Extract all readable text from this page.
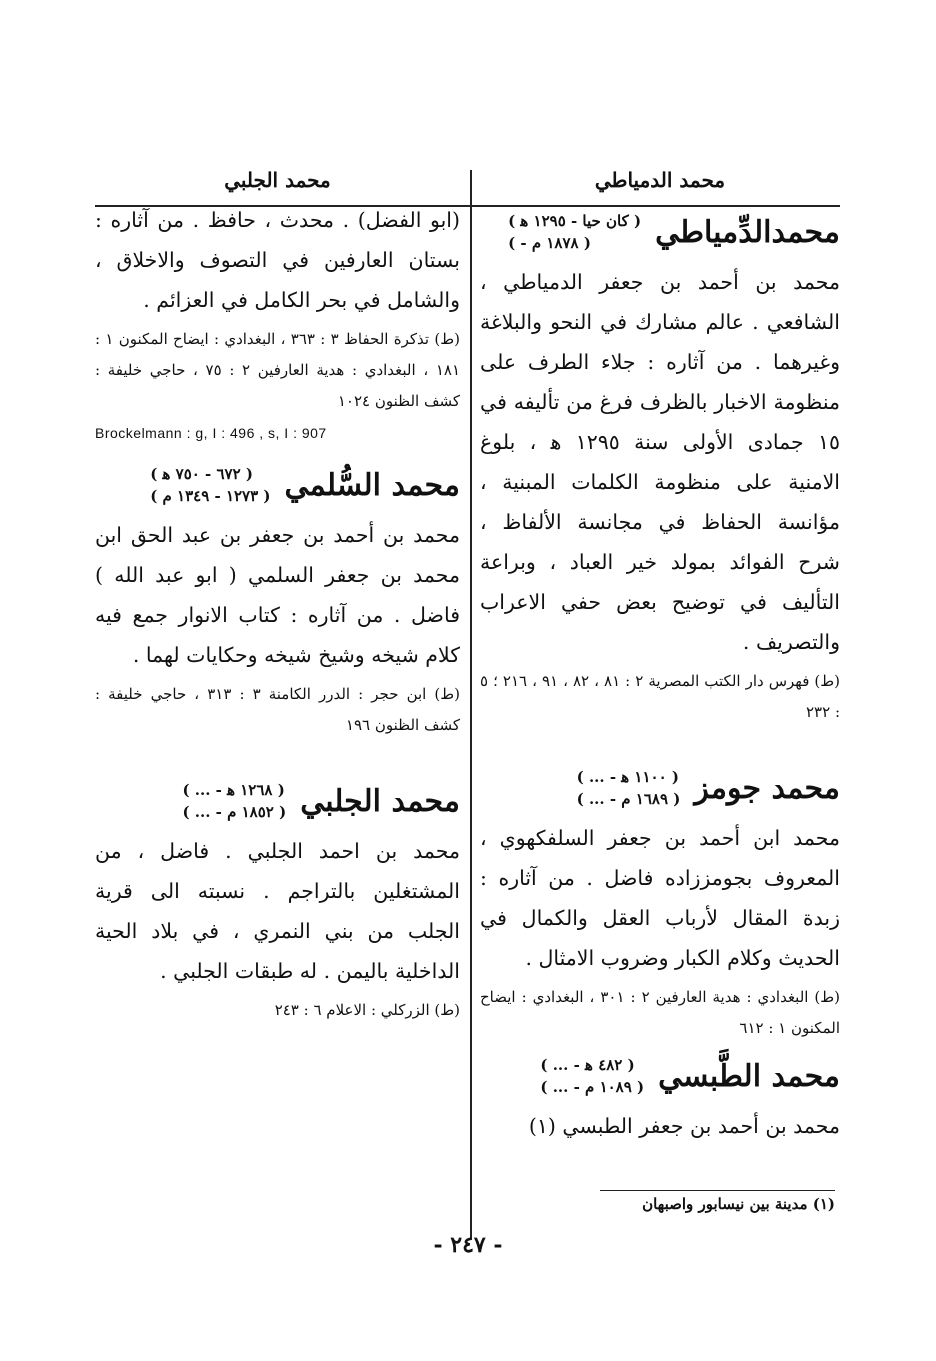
محمد الدمياطي
محمدالدِّمياطي
( كان حيا - ١٢٩٥ ﻫ )
( - ١٨٧٨ م )
محمد بن أحمد بن جعفر الدمياطي ، الشافعي . عالم مشارك في النحو والبلاغة وغيرهما . من آثاره : جلاء الطرف على منظومة الاخبار بالظرف فرغ من تأليفه في ١٥ جمادى الأولى سنة ١٢٩٥ ﻫ ، بلوغ الامنية على منظومة الكلمات المبنية ، مؤانسة الحفاظ في مجانسة الألفاظ ، شرح الفوائد بمولد خير العباد ، وبراعة التأليف في توضيح بعض حفي الاعراب والتصريف .
(ط) فهرس دار الكتب المصرية ٢ : ٨١ ، ٨٢ ، ٩١ ، ٢١٦ ؛ ٥ : ٢٣٢
محمد جومز
( ... - ١١٠٠ ﻫ )
( ... - ١٦٨٩ م )
محمد ابن أحمد بن جعفر السلفكهوي ، المعروف بجومززاده فاضل . من آثاره : زبدة المقال لأرباب العقل والكمال في الحديث وكلام الكبار وضروب الامثال .
(ط) البغدادي : هدية العارفين ٢ : ٣٠١ ، البغدادي : ايضاح المكنون ١ : ٦١٢
محمد الطَّبسي
( ... - ٤٨٢ ﻫ )
( ... - ١٠٨٩ م )
محمد بن أحمد بن جعفر الطبسي (١)
محمد الجلبي
(ابو الفضل) . محدث ، حافظ . من آثاره : بستان العارفين في التصوف والاخلاق ، والشامل في بحر الكامل في العزائم .
(ط) تذكرة الحفاظ ٣ : ٣٦٣ ، البغدادي : ايضاح المكنون ١ : ١٨١ ، البغدادي : هدية العارفين ٢ : ٧٥ ، حاجي خليفة : كشف الظنون ١٠٢٤
Brockelmann : g, I : 496 , s, I : 907
محمد السُّلمي
( ٦٧٢ - ٧٥٠ ﻫ )
( ١٢٧٣ - ١٣٤٩ م )
محمد بن أحمد بن جعفر بن عبد الحق ابن محمد بن جعفر السلمي ( ابو عبد الله ) فاضل . من آثاره : كتاب الانوار جمع فيه كلام شيخه وشيخ شيخه وحكايات لهما .
(ط) ابن حجر : الدرر الكامنة ٣ : ٣١٣ ، حاجي خليفة : كشف الظنون ١٩٦
محمد الجلبي
( ... - ١٢٦٨ ﻫ )
( ... - ١٨٥٢ م )
محمد بن احمد الجلبي . فاضل ، من المشتغلين بالتراجم . نسبته الى قرية الجلب من بني النمري ، في بلاد الحية الداخلية باليمن . له طبقات الجلبي .
(ط) الزركلي : الاعلام ٦ : ٢٤٣
(١) مدينة بين نيسابور واصبهان
- ٢٤٧ -
